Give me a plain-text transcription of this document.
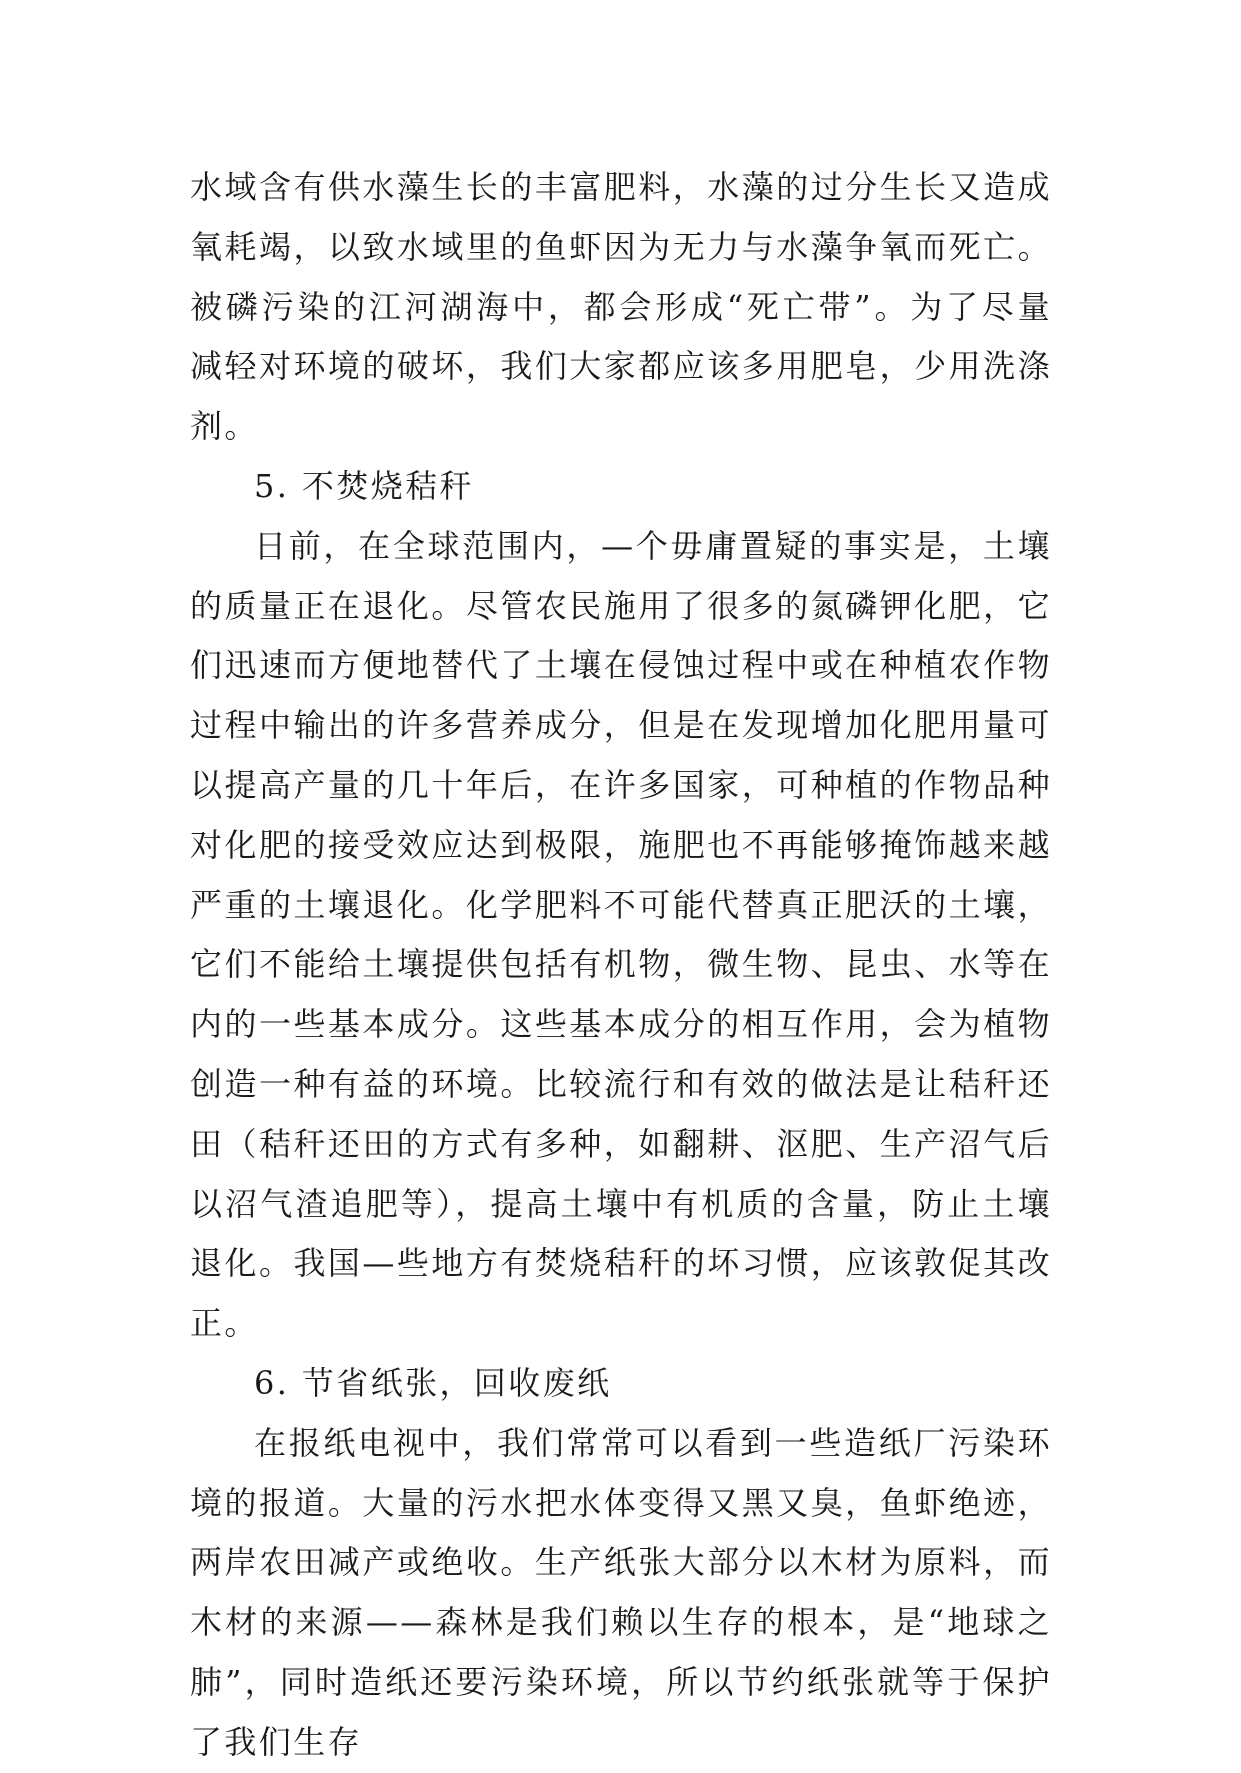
水域含有供水藻生长的丰富肥料，水藻的过分生长又造成氧耗竭，以致水域里的鱼虾因为无力与水藻争氧而死亡。被磷污染的江河湖海中，都会形成“死亡带”。为了尽量减轻对环境的破坏，我们大家都应该多用肥皂，少用洗涤剂。

5. 不焚烧秸秆

日前，在全球范围内，—个毋庸置疑的事实是，土壤的质量正在退化。尽管农民施用了很多的氮磷钾化肥，它们迅速而方便地替代了土壤在侵蚀过程中或在种植农作物过程中输出的许多营养成分，但是在发现增加化肥用量可以提高产量的几十年后，在许多国家，可种植的作物品种对化肥的接受效应达到极限，施肥也不再能够掩饰越来越严重的土壤退化。化学肥料不可能代替真正肥沃的土壤，它们不能给土壤提供包括有机物，微生物、昆虫、水等在内的一些基本成分。这些基本成分的相互作用，会为植物创造一种有益的环境。比较流行和有效的做法是让秸秆还田（秸秆还田的方式有多种，如翻耕、沤肥、生产沼气后以沼气渣追肥等），提高土壤中有机质的含量，防止土壤退化。我国—些地方有焚烧秸秆的坏习惯，应该敦促其改正。

6. 节省纸张，回收废纸

在报纸电视中，我们常常可以看到一些造纸厂污染环境的报道。大量的污水把水体变得又黑又臭，鱼虾绝迹，两岸农田减产或绝收。生产纸张大部分以木材为原料，而木材的来源——森林是我们赖以生存的根本，是“地球之肺”，同时造纸还要污染环境，所以节约纸张就等于保护了我们生存
